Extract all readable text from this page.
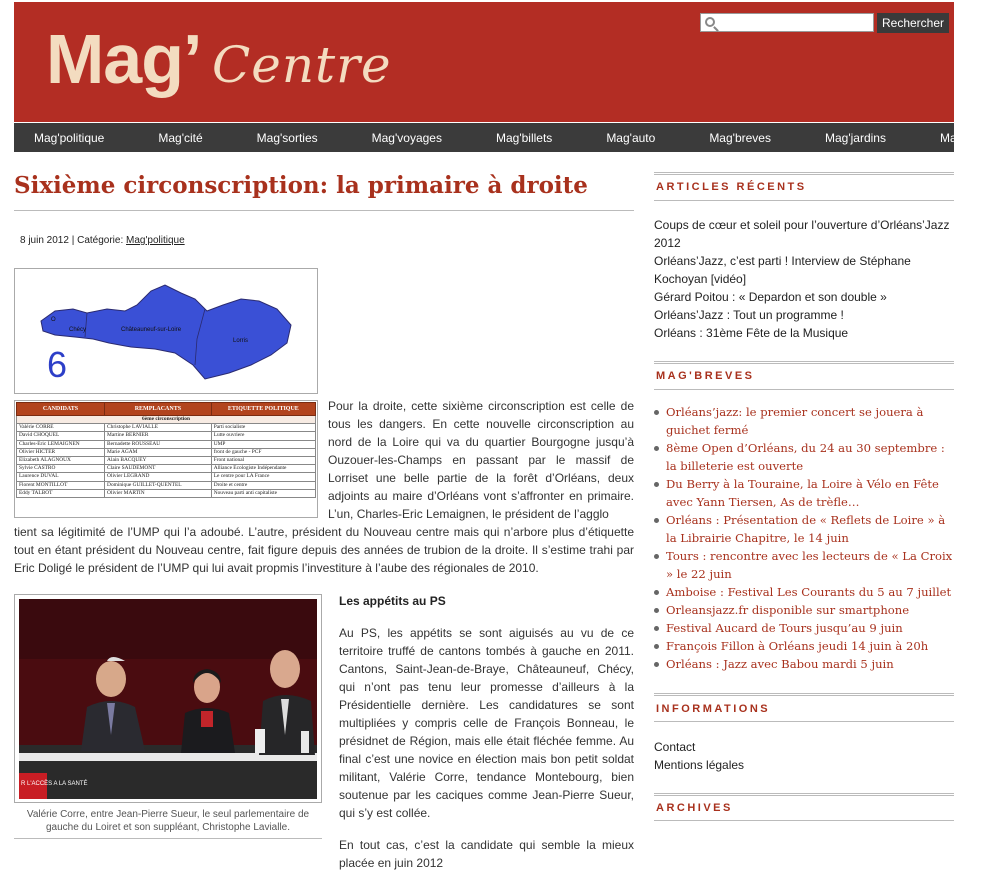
Mag’ Centre
Rechercher
Mag'politique	Mag'cité	Mag'sorties	Mag'voyages	Mag'billets	Mag'auto	Mag'breves	Mag'jardins	Mag'vidéos
Sixième circonscription: la primaire à droite
8 juin 2012 | Catégorie: Mag'politique
O
Chécy	Châteauneuf-sur-Loire
Lorris
6
CANDIDATS	REMPLACANTS	ETIQUETTE POLITIQUE
6ème circonscription		
Valérie CORRE	Christophe LAVIALLE	Parti socialiste
David CHOQUEL	Martine BERNIER	Lutte ouvriere
Charles-Eric LEMAIGNEN	Bernadette ROUSSEAU	UMP
Olivier HICTER	Marie AGAM	front de gauche - PCF
Elizabeth ALAGNOUX	Alain BACQUEY	Front national
Sylvie CASTRO	Claire SAUDEMONT	Alliance Ecologiste Indépendante
Laurence DUVAL	Olivier LEGRAND	Le centre pour LA France
Florent MONTILLOT	Dominique GUILLET-QUENTEL	Droite et centre
Eddy TALBOT	Olivier MARTIN	Nouveau parti anti capitaliste

Pour la droite, cette sixième circonscription est celle de tous les dangers. En cette nouvelle circonscription au nord de la Loire qui va du quartier Bourgogne jusqu’à Ouzouer-les-Champs en passant par le massif de Lorriset une belle partie de la forêt d’Orléans, deux adjoints au maire d’Orléans vont s’affronter en primaire. L’un, Charles-Eric Lemaignen, le président de l’agglo

tient sa légitimité de l’UMP qui l’a adoubé. L’autre, président du Nouveau centre mais qui n’arbore plus d’étiquette tout en étant président du Nouveau centre, fait figure depuis des années de trubion de la droite. Il s’estime trahi par Eric Doligé le président de l’UMP qui lui avait propmis l’investiture à l’aube des régionales de 2010.

R L'ACCÈS A LA SANTÉ
Valérie Corre, entre Jean-Pierre Sueur, le seul parlementaire de gauche du Loiret et son suppléant, Christophe Lavialle.
Les appétits au PS

Au PS, les appétits se sont aiguisés au vu de ce territoire truffé de cantons tombés à gauche en 2011. Cantons, Saint-Jean-de-Braye, Châteauneuf, Chécy, qui n’ont pas tenu leur promesse d’ailleurs à la Présidentielle dernière. Les candidatures se sont multipliées y compris celle de François Bonneau, le présidnet de Région, mais elle était fléchée femme. Au final c’est une novice en élection mais bon petit soldat militant, Valérie Corre, tendance Montebourg, bien soutenue par les caciques comme Jean-Pierre Sueur, qui s’y est collée.

En tout cas, c’est la candidate qui semble la mieux placée en juin 2012

ARTICLES RÉCENTS
Coups de cœur et soleil pour l’ouverture d’Orléans’Jazz 2012
Orléans’Jazz, c’est parti ! Interview de Stéphane Kochoyan [vidéo]
Gérard Poitou : « Depardon et son double »
Orléans’Jazz : Tout un programme !
Orléans : 31ème Fête de la Musique
MAG'BREVES
Orléans’jazz: le premier concert se jouera à guichet fermé
8ème Open d’Orléans, du 24 au 30 septembre : la billeterie est ouverte
Du Berry à la Touraine, la Loire à Vélo en Fête avec Yann Tiersen, As de trèfle…
Orléans : Présentation de « Reflets de Loire » à la Librairie Chapitre, le 14 juin
Tours : rencontre avec les lecteurs de « La Croix » le 22 juin
Amboise : Festival Les Courants du 5 au 7 juillet
Orleansjazz.fr disponible sur smartphone
Festival Aucard de Tours jusqu’au 9 juin
François Fillon à Orléans jeudi 14 juin à 20h
Orléans : Jazz avec Babou mardi 5 juin
INFORMATIONS
Contact
Mentions légales
ARCHIVES
